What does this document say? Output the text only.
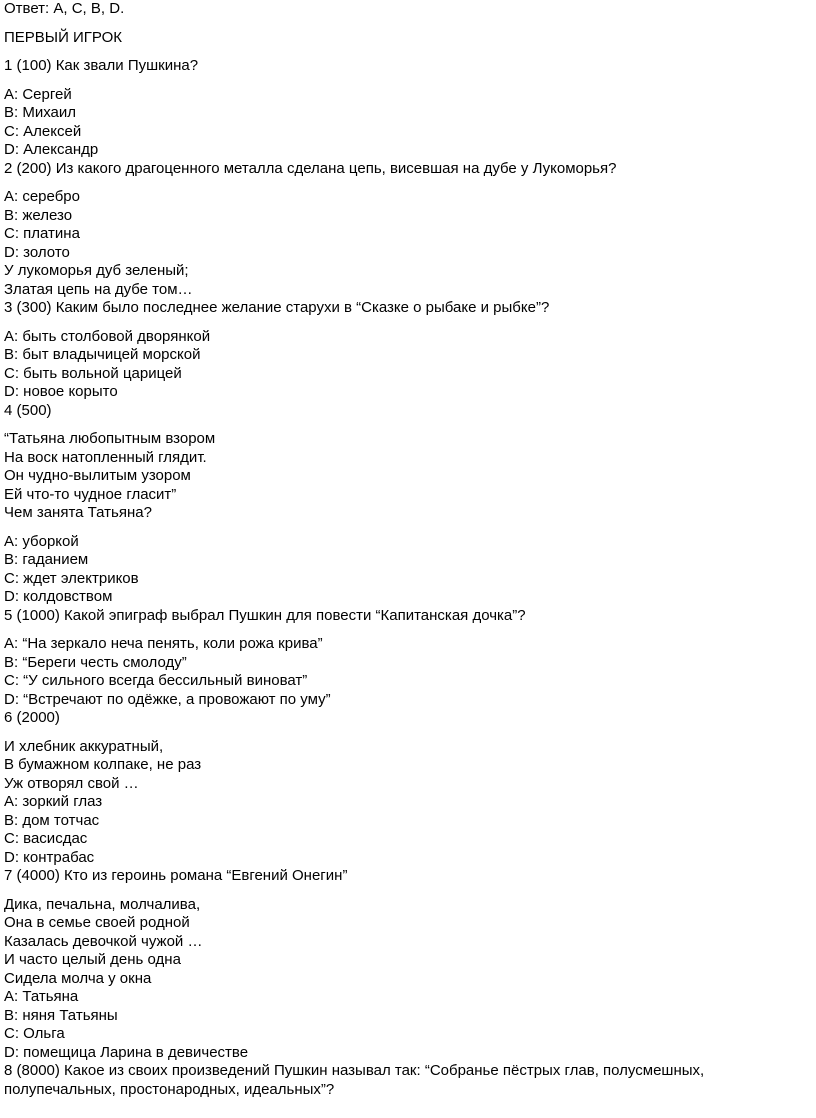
Ответ: A, C, B, D.
ПЕРВЫЙ ИГРОК
1 (100) Как звали Пушкина?
A: Сергей
B: Михаил
C: Алексей
D: Александр
2 (200) Из какого драгоценного металла сделана цепь, висевшая на дубе у Лукоморья?
A: серебро
B: железо
C: платина
D: золото
У лукоморья дуб зеленый;
Златая цепь на дубе том…
3 (300) Каким было последнее желание старухи в “Сказке о рыбаке и рыбке”?
A: быть столбовой дворянкой
B: быт владычицей морской
C: быть вольной царицей
D: новое корыто
4 (500)
“Татьяна любопытным взором
На воск натопленный глядит.
Он чудно-вылитым узором
Ей что-то чудное гласит”
Чем занята Татьяна?
A: уборкой
B: гаданием
C: ждет электриков
D: колдовством
5 (1000) Какой эпиграф выбрал Пушкин для повести “Капитанская дочка”?
A: “На зеркало неча пенять, коли рожа крива”
B: “Береги честь смолоду”
C: “У сильного всегда бессильный виноват”
D: “Встречают по одёжке, а провожают по уму”
6 (2000)
И хлебник аккуратный,
В бумажном колпаке, не раз
Уж отворял свой …
A: зоркий глаз
B: дом тотчас
C: васисдас
D: контрабас
7 (4000) Кто из героинь романа “Евгений Онегин”
Дика, печальна, молчалива,
Она в семье своей родной
Казалась девочкой чужой …
И часто целый день одна
Сидела молча у окна
A: Татьяна
B: няня Татьяны
C: Ольга
D: помещица Ларина в девичестве
8 (8000) Какое из своих произведений Пушкин называл так: “Собранье пёстрых глав, полусмешных, полупечальных, простонародных, идеальных”?
